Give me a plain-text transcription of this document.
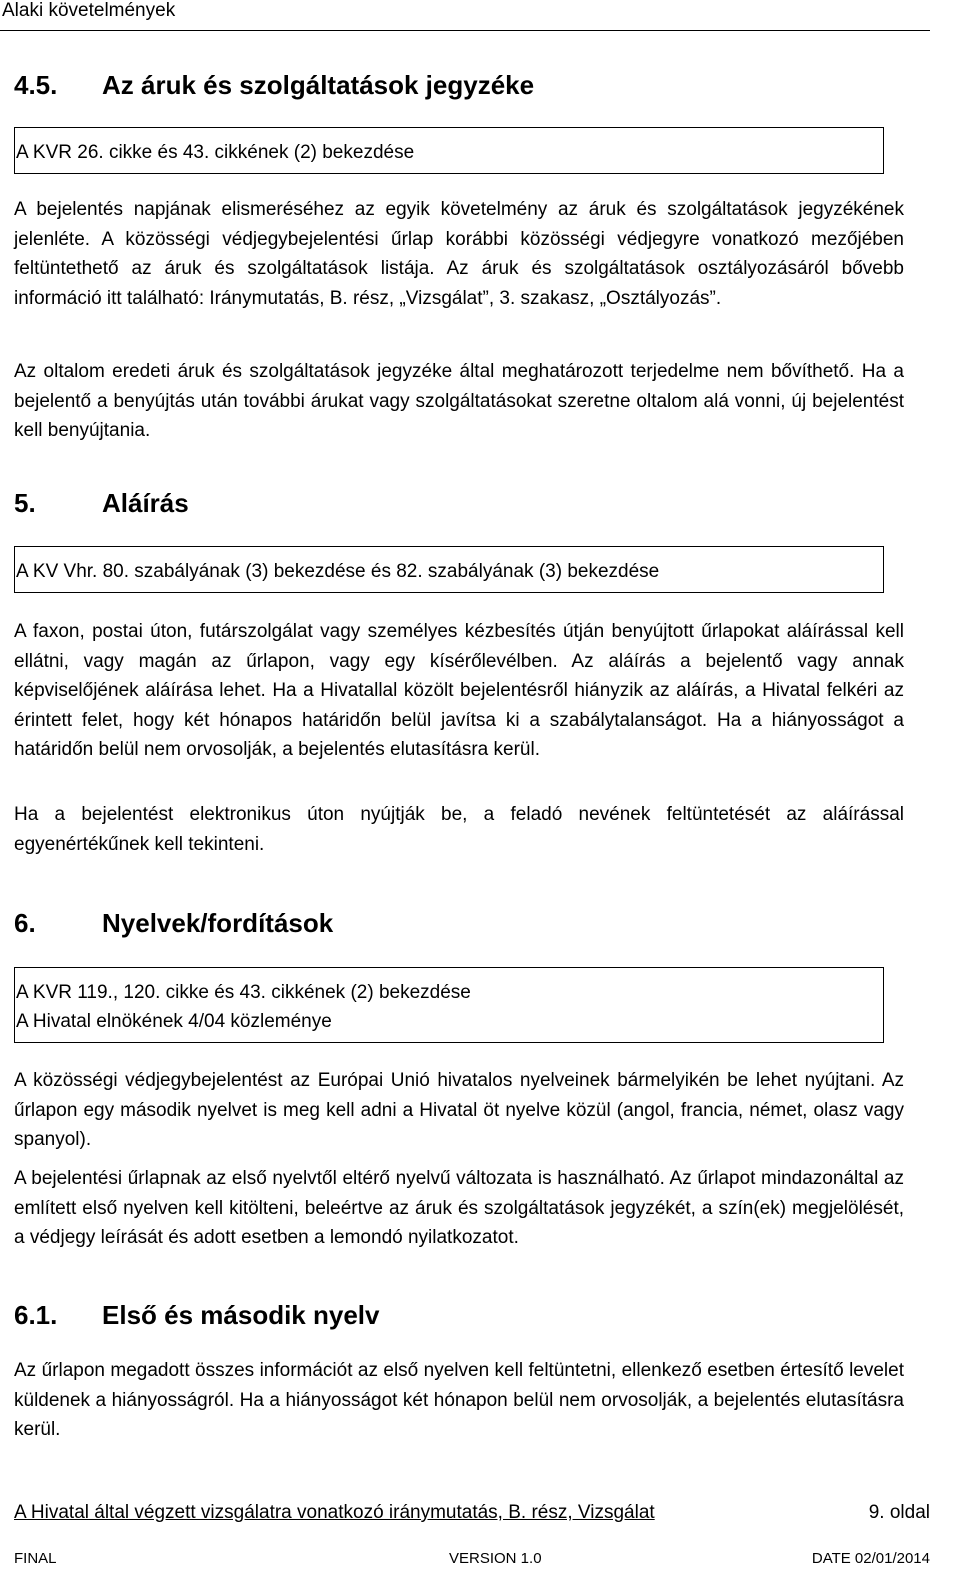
Alaki követelmények
4.5. Az áruk és szolgáltatások jegyzéke
A KVR 26. cikke és 43. cikkének (2) bekezdése
A bejelentés napjának elismeréséhez az egyik követelmény az áruk és szolgáltatások jegyzékének jelenléte. A közösségi védjegybejelentési űrlap korábbi közösségi védjegyre vonatkozó mezőjében feltüntethető az áruk és szolgáltatások listája. Az áruk és szolgáltatások osztályozásáról bővebb információ itt található: Iránymutatás, B. rész, „Vizsgálat”, 3. szakasz, „Osztályozás”.
Az oltalom eredeti áruk és szolgáltatások jegyzéke által meghatározott terjedelme nem bővíthető. Ha a bejelentő a benyújtás után további árukat vagy szolgáltatásokat szeretne oltalom alá vonni, új bejelentést kell benyújtania.
5.	Aláírás
A KV Vhr. 80. szabályának (3) bekezdése és 82. szabályának (3) bekezdése
A faxon, postai úton, futárszolgálat vagy személyes kézbesítés útján benyújtott űrlapokat aláírással kell ellátni, vagy magán az űrlapon, vagy egy kísérőlevélben. Az aláírás a bejelentő vagy annak képviselőjének aláírása lehet. Ha a Hivatallal közölt bejelentésről hiányzik az aláírás, a Hivatal felkéri az érintett felet, hogy két hónapos határidőn belül javítsa ki a szabálytalanságot. Ha a hiányosságot a határidőn belül nem orvosolják, a bejelentés elutasításra kerül.
Ha a bejelentést elektronikus úton nyújtják be, a feladó nevének feltüntetését az aláírással egyenértékűnek kell tekinteni.
6.	Nyelvek/fordítások
A KVR 119., 120. cikke és 43. cikkének (2) bekezdése
A Hivatal elnökének 4/04 közleménye
A közösségi védjegybejelentést az Európai Unió hivatalos nyelveinek bármelyikén be lehet nyújtani. Az űrlapon egy második nyelvet is meg kell adni a Hivatal öt nyelve közül (angol, francia, német, olasz vagy spanyol).
A bejelentési űrlapnak az első nyelvtől eltérő nyelvű változata is használható. Az űrlapot mindazonáltal az említett első nyelven kell kitölteni, beleértve az áruk és szolgáltatások jegyzékét, a szín(ek) megjelölését, a védjegy leírását és adott esetben a lemondó nyilatkozatot.
6.1. Első és második nyelv
Az űrlapon megadott összes információt az első nyelven kell feltüntetni, ellenkező esetben értesítő levelet küldenek a hiányosságról. Ha a hiányosságot két hónapon belül nem orvosolják, a bejelentés elutasításra kerül.
A Hivatal által végzett vizsgálatra vonatkozó iránymutatás, B. rész, Vizsgálat	9. oldal
FINAL	VERSION 1.0	DATE 02/01/2014
